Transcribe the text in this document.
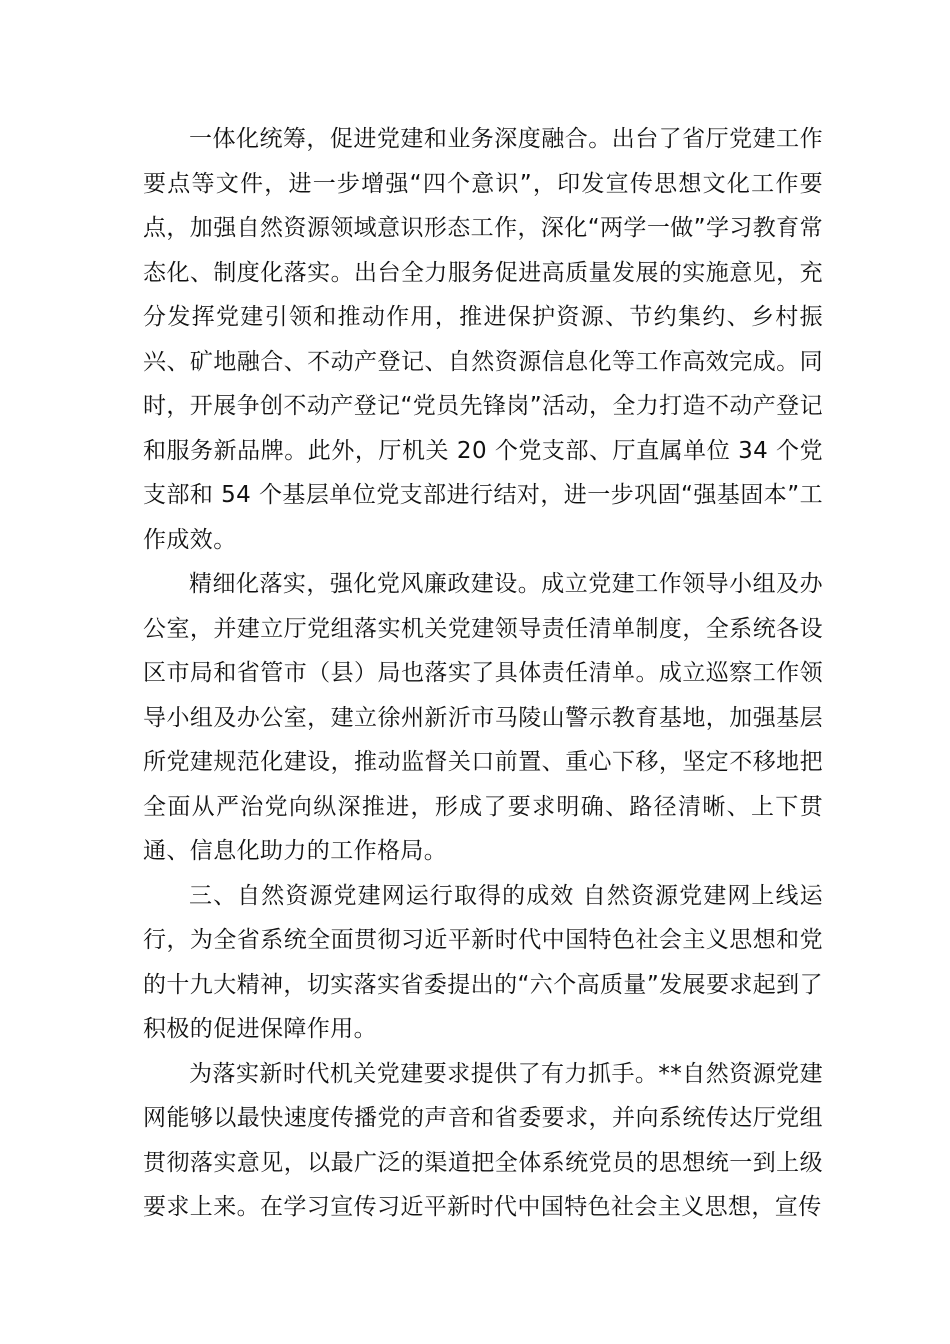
一体化统筹，促进党建和业务深度融合。出台了省厅党建工作要点等文件，进一步增强“四个意识”，印发宣传思想文化工作要点，加强自然资源领域意识形态工作，深化“两学一做”学习教育常态化、制度化落实。出台全力服务促进高质量发展的实施意见，充分发挥党建引领和推动作用，推进保护资源、节约集约、乡村振兴、矿地融合、不动产登记、自然资源信息化等工作高效完成。同时，开展争创不动产登记“党员先锋岗”活动，全力打造不动产登记和服务新品牌。此外，厅机关 20 个党支部、厅直属单位 34 个党支部和 54 个基层单位党支部进行结对，进一步巩固“强基固本”工作成效。

精细化落实，强化党风廉政建设。成立党建工作领导小组及办公室，并建立厅党组落实机关党建领导责任清单制度，全系统各设区市局和省管市（县）局也落实了具体责任清单。成立巡察工作领导小组及办公室，建立徐州新沂市马陵山警示教育基地，加强基层所党建规范化建设，推动监督关口前置、重心下移，坚定不移地把全面从严治党向纵深推进，形成了要求明确、路径清晰、上下贯通、信息化助力的工作格局。

三、自然资源党建网运行取得的成效 自然资源党建网上线运行，为全省系统全面贯彻习近平新时代中国特色社会主义思想和党的十九大精神，切实落实省委提出的“六个高质量”发展要求起到了积极的促进保障作用。

为落实新时代机关党建要求提供了有力抓手。**自然资源党建网能够以最快速度传播党的声音和省委要求，并向系统传达厅党组贯彻落实意见，以最广泛的渠道把全体系统党员的思想统一到上级要求上来。在学习宣传习近平新时代中国特色社会主义思想，宣传
